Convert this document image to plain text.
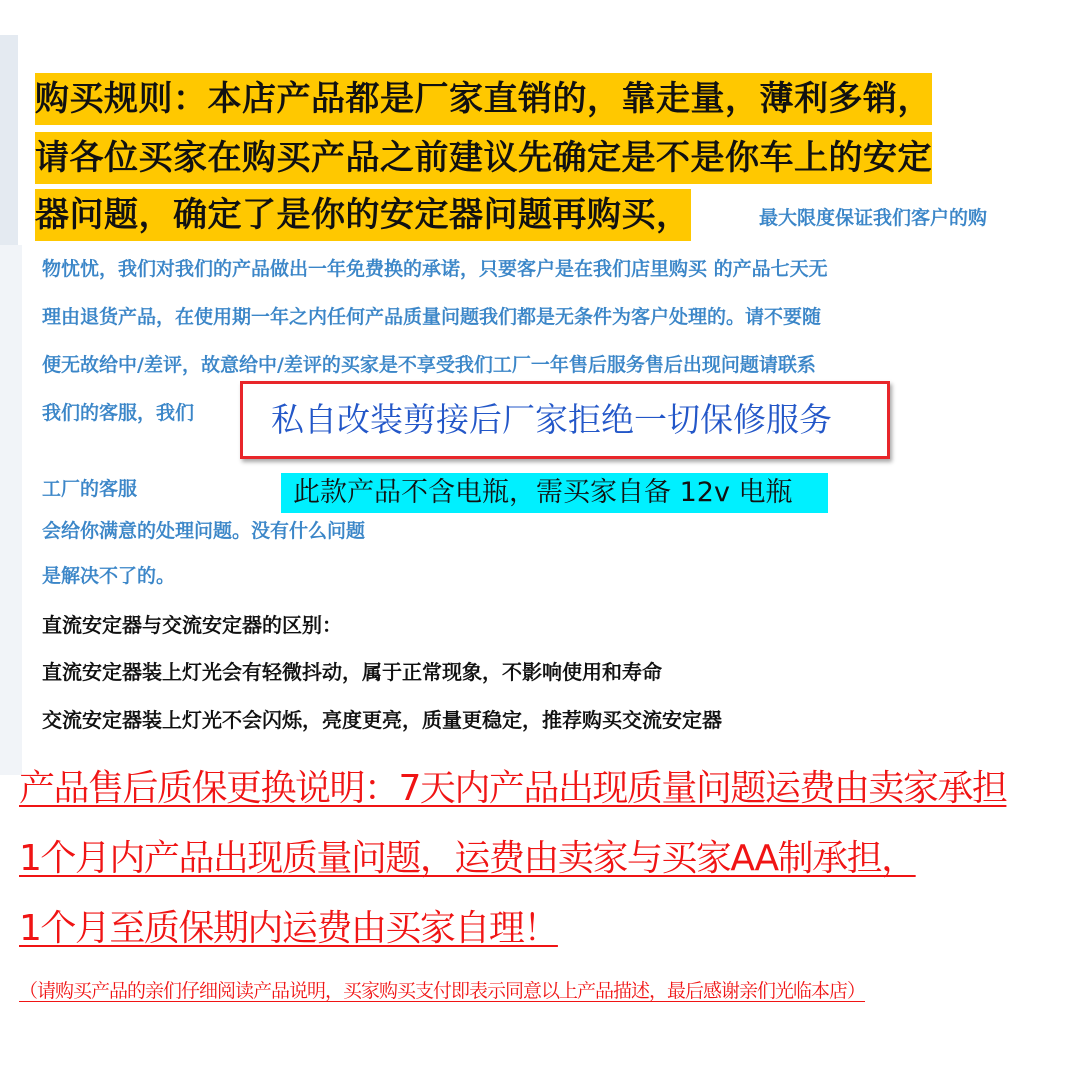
购买规则：本店产品都是厂家直销的，靠走量，薄利多销，
请各位买家在购买产品之前建议先确定是不是你车上的安定
器问题，确定了是你的安定器问题再购买，	最大限度保证我们客户的购
物忧忧，我们对我们的产品做出一年免费换的承诺，只要客户是在我们店里购买 的产品七天无
理由退货产品，在使用期一年之内任何产品质量问题我们都是无条件为客户处理的。请不要随
便无故给中/差评，故意给中/差评的买家是不享受我们工厂一年售后服务售后出现问题请联系
我们的客服，我们
工厂的客服
会给你满意的处理问题。没有什么问题
是解决不了的。
私自改装剪接后厂家拒绝一切保修服务
此款产品不含电瓶，需买家自备 12v 电瓶
直流安定器与交流安定器的区别：
直流安定器装上灯光会有轻微抖动，属于正常现象，不影响使用和寿命
交流安定器装上灯光不会闪烁，亮度更亮，质量更稳定，推荐购买交流安定器
产品售后质保更换说明：7天内产品出现质量问题运费由卖家承担
1个月内产品出现质量问题，运费由卖家与买家AA制承担，
1个月至质保期内运费由买家自理！
（请购买产品的亲们仔细阅读产品说明，买家购买支付即表示同意以上产品描述，最后感谢亲们光临本店）
